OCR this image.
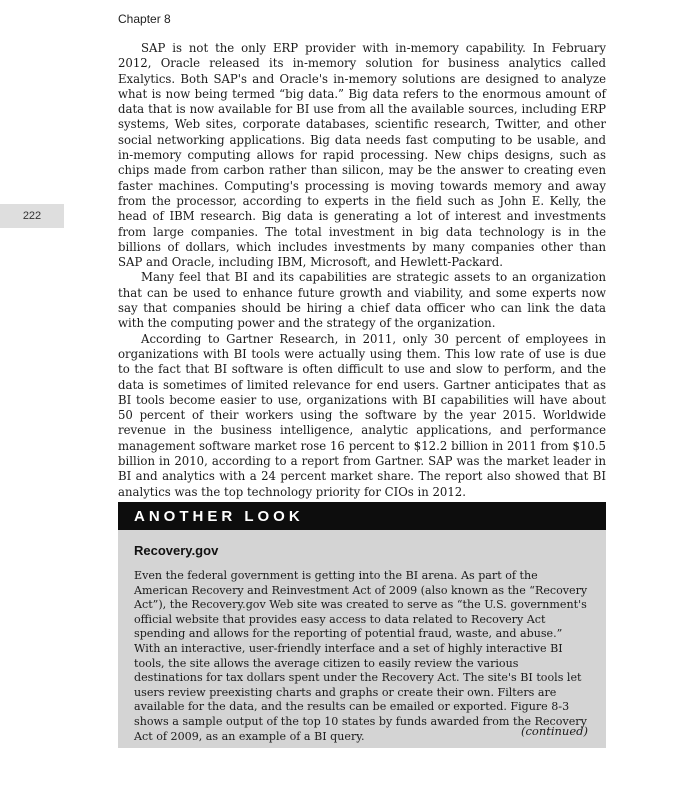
Chapter 8
222

SAP is not the only ERP provider with in-memory capability. In February 2012, Oracle released its in-memory solution for business analytics called Exalytics. Both SAP's and Oracle's in-memory solutions are designed to analyze what is now being termed “big data.” Big data refers to the enormous amount of data that is now available for BI use from all the available sources, including ERP systems, Web sites, corporate databases, scientific research, Twitter, and other social networking applications. Big data needs fast computing to be usable, and in-memory computing allows for rapid processing. New chips designs, such as chips made from carbon rather than silicon, may be the answer to creating even faster machines. Computing's processing is moving towards memory and away from the processor, according to experts in the field such as John E. Kelly, the head of IBM research. Big data is generating a lot of interest and investments from large companies. The total investment in big data technology is in the billions of dollars, which includes investments by many companies other than SAP and Oracle, including IBM, Microsoft, and Hewlett-Packard.

Many feel that BI and its capabilities are strategic assets to an organization that can be used to enhance future growth and viability, and some experts now say that companies should be hiring a chief data officer who can link the data with the computing power and the strategy of the organization.

According to Gartner Research, in 2011, only 30 percent of employees in organizations with BI tools were actually using them. This low rate of use is due to the fact that BI software is often difficult to use and slow to perform, and the data is sometimes of limited relevance for end users. Gartner anticipates that as BI tools become easier to use, organizations with BI capabilities will have about 50 percent of their workers using the software by the year 2015. Worldwide revenue in the business intelligence, analytic applications, and performance management software market rose 16 percent to $12.2 billion in 2011 from $10.5 billion in 2010, according to a report from Gartner. SAP was the market leader in BI and analytics with a 24 percent market share. The report also showed that BI analytics was the top technology priority for CIOs in 2012.

ANOTHER LOOK
Recovery.gov
Even the federal government is getting into the BI arena. As part of the American Recovery and Reinvestment Act of 2009 (also known as the “Recovery Act”), the Recovery.gov Web site was created to serve as “the U.S. government's official website that provides easy access to data related to Recovery Act spending and allows for the reporting of potential fraud, waste, and abuse.” With an interactive, user-friendly interface and a set of highly interactive BI tools, the site allows the average citizen to easily review the various destinations for tax dollars spent under the Recovery Act. The site's BI tools let users review preexisting charts and graphs or create their own. Filters are available for the data, and the results can be emailed or exported. Figure 8-3 shows a sample output of the top 10 states by funds awarded from the Recovery Act of 2009, as an example of a BI query.	(continued)
